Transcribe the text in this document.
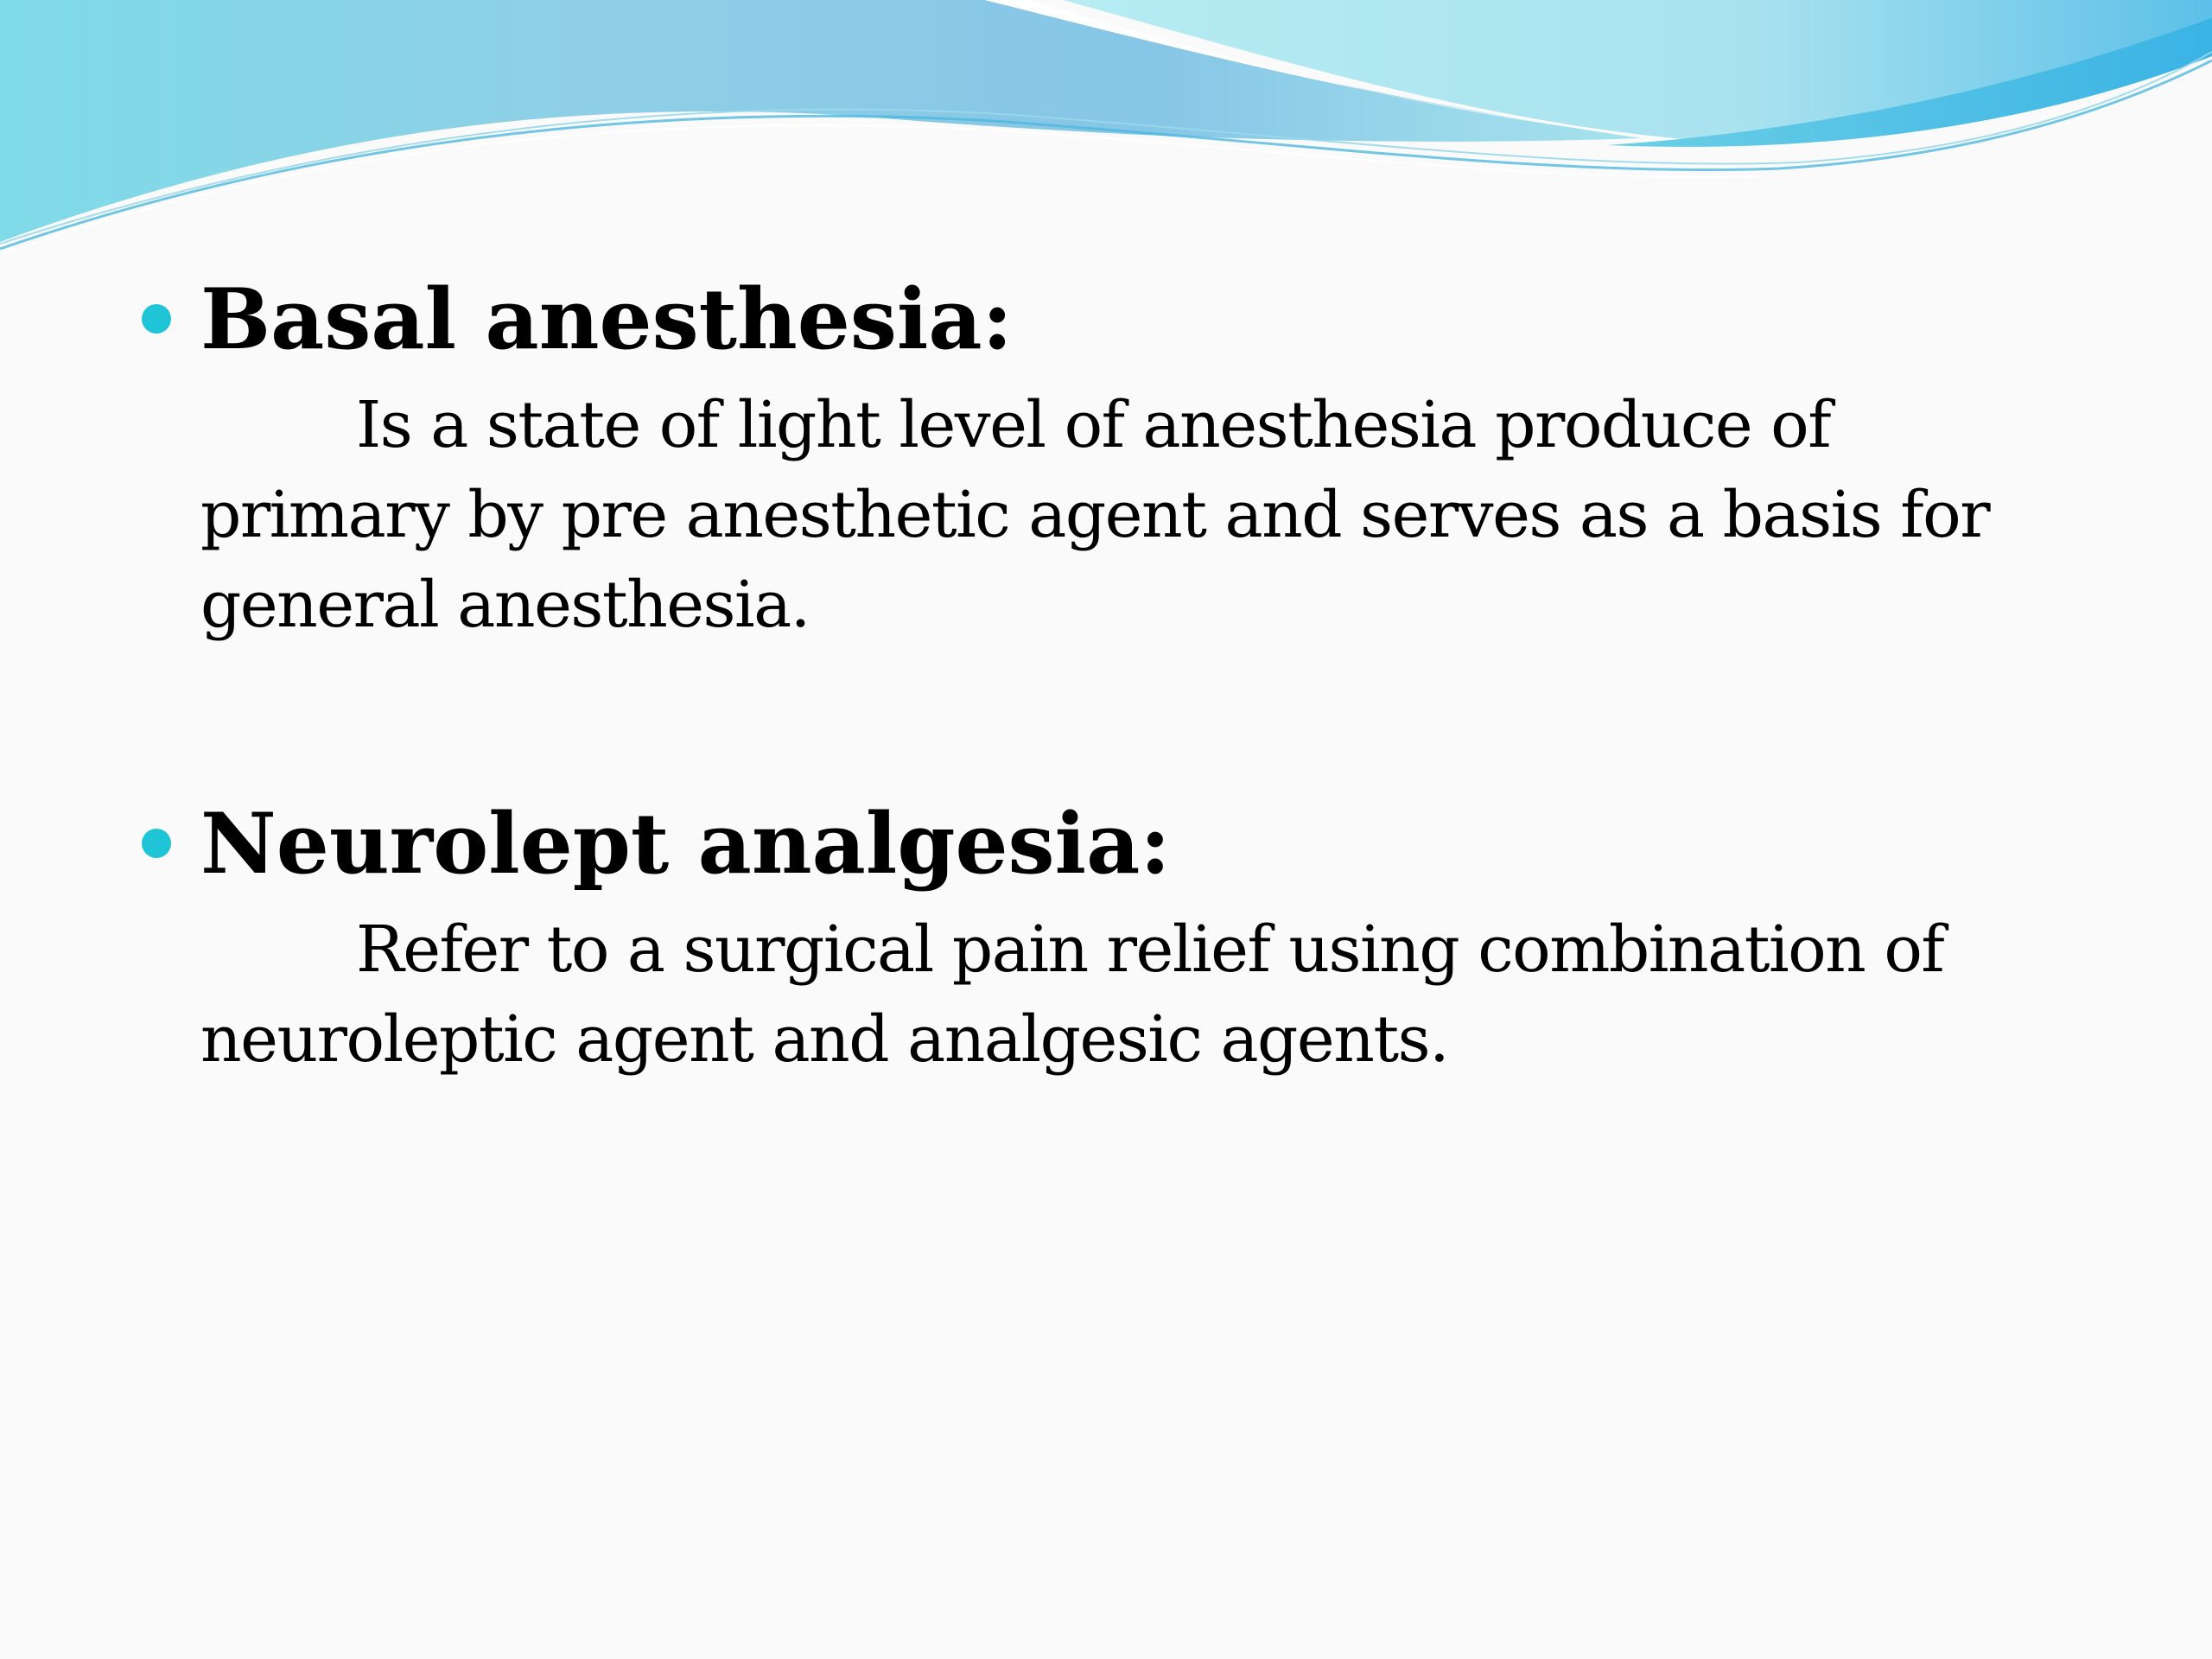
Basal anesthesia:

Is a state of light level of anesthesia produce of primary by pre anesthetic agent and serves as a basis for general anesthesia.

Neurolept analgesia:

Refer to a surgical pain relief using combination of neuroleptic agent and analgesic agents.
